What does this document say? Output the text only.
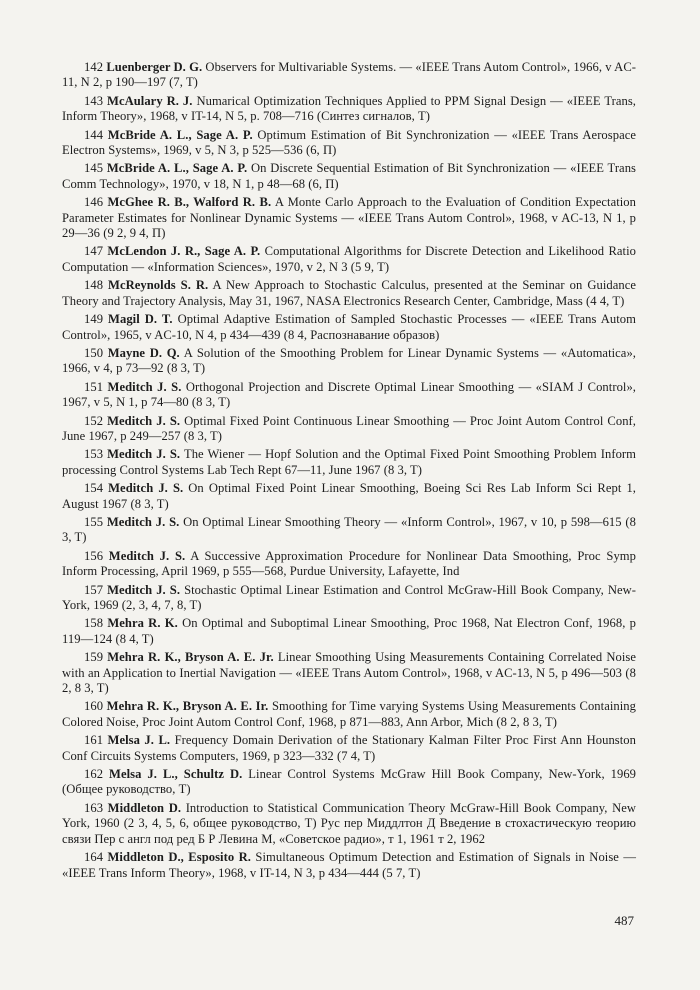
142 Luenberger D. G. Observers for Multivariable Systems. — «IEEE Trans Autom Control», 1966, v AC-11, N 2, p 190—197 (7, T)

143 McAulary R. J. Numarical Optimization Techniques Applied to PPM Signal Design — «IEEE Trans, Inform Theory», 1968, v IT-14, N 5, p. 708—716 (Синтез сигналов, T)

144 McBride A. L., Sage A. P. Optimum Estimation of Bit Synchronization — «IEEE Trans Aerospace Electron Systems», 1969, v 5, N 3, p 525—536 (6, П)

145 McBride A. L., Sage A. P. On Discrete Sequential Estimation of Bit Synchronization — «IEEE Trans Comm Technology», 1970, v 18, N 1, p 48—68 (6, П)

146 McGhee R. B., Walford R. B. A Monte Carlo Approach to the Evaluation of Condition Expectation Parameter Estimates for Nonlinear Dynamic Systems — «IEEE Trans Autom Control», 1968, v AC-13, N 1, p 29—36 (9 2, 9 4, П)

147 McLendon J. R., Sage A. P. Computational Algorithms for Discrete Detection and Likelihood Ratio Computation — «Information Sciences», 1970, v 2, N 3 (5 9, T)

148 McReynolds S. R. A New Approach to Stochastic Calculus, presented at the Seminar on Guidance Theory and Trajectory Analysis, May 31, 1967, NASA Electronics Research Center, Cambridge, Mass (4 4, T)

149 Magil D. T. Optimal Adaptive Estimation of Sampled Stochastic Processes — «IEEE Trans Autom Control», 1965, v AC-10, N 4, p 434—439 (8 4, Распознавание образов)

150 Mayne D. Q. A Solution of the Smoothing Problem for Linear Dynamic Systems — «Automatica», 1966, v 4, p 73—92 (8 3, T)

151 Meditch J. S. Orthogonal Projection and Discrete Optimal Linear Smoothing — «SIAM J Control», 1967, v 5, N 1, p 74—80 (8 3, T)

152 Meditch J. S. Optimal Fixed Point Continuous Linear Smoothing — Proc Joint Autom Control Conf, June 1967, p 249—257 (8 3, T)

153 Meditch J. S. The Wiener — Hopf Solution and the Optimal Fixed Point Smoothing Problem Inform processing Control Systems Lab Tech Rept 67—11, June 1967 (8 3, T)

154 Meditch J. S. On Optimal Fixed Point Linear Smoothing, Boeing Sci Res Lab Inform Sci Rept 1, August 1967 (8 3, T)

155 Meditch J. S. On Optimal Linear Smoothing Theory — «Inform Control», 1967, v 10, p 598—615 (8 3, T)

156 Meditch J. S. A Successive Approximation Procedure for Nonlinear Data Smoothing, Proc Symp Inform Processing, April 1969, p 555—568, Purdue University, Lafayette, Ind

157 Meditch J. S. Stochastic Optimal Linear Estimation and Control McGraw-Hill Book Company, New-York, 1969 (2, 3, 4, 7, 8, T)

158 Mehra R. K. On Optimal and Suboptimal Linear Smoothing, Proc 1968, Nat Electron Conf, 1968, p 119—124 (8 4, T)

159 Mehra R. K., Bryson A. E. Jr. Linear Smoothing Using Measurements Containing Correlated Noise with an Application to Inertial Navigation — «IEEE Trans Autom Control», 1968, v AC-13, N 5, p 496—503 (8 2, 8 3, T)

160 Mehra R. K., Bryson A. E. Ir. Smoothing for Time varying Systems Using Measurements Containing Colored Noise, Proc Joint Autom Control Conf, 1968, p 871—883, Ann Arbor, Mich (8 2, 8 3, T)

161 Melsa J. L. Frequency Domain Derivation of the Stationary Kalman Filter Proc First Ann Hounston Conf Circuits Systems Computers, 1969, p 323—332 (7 4, T)

162 Melsa J. L., Schultz D. Linear Control Systems McGraw Hill Book Company, New-York, 1969 (Общее руководство, T)

163 Middleton D. Introduction to Statistical Communication Theory McGraw-Hill Book Company, New York, 1960 (2 3, 4, 5, 6, общее руководство, T) Рус пер Миддлтон Д Введение в стохастическую теорию связи Пер с англ под ред Б Р Левина М, «Советское радио», т 1, 1961 т 2, 1962

164 Middleton D., Esposito R. Simultaneous Optimum Detection and Estimation of Signals in Noise — «IEEE Trans Inform Theory», 1968, v IT-14, N 3, p 434—444 (5 7, T)

487
